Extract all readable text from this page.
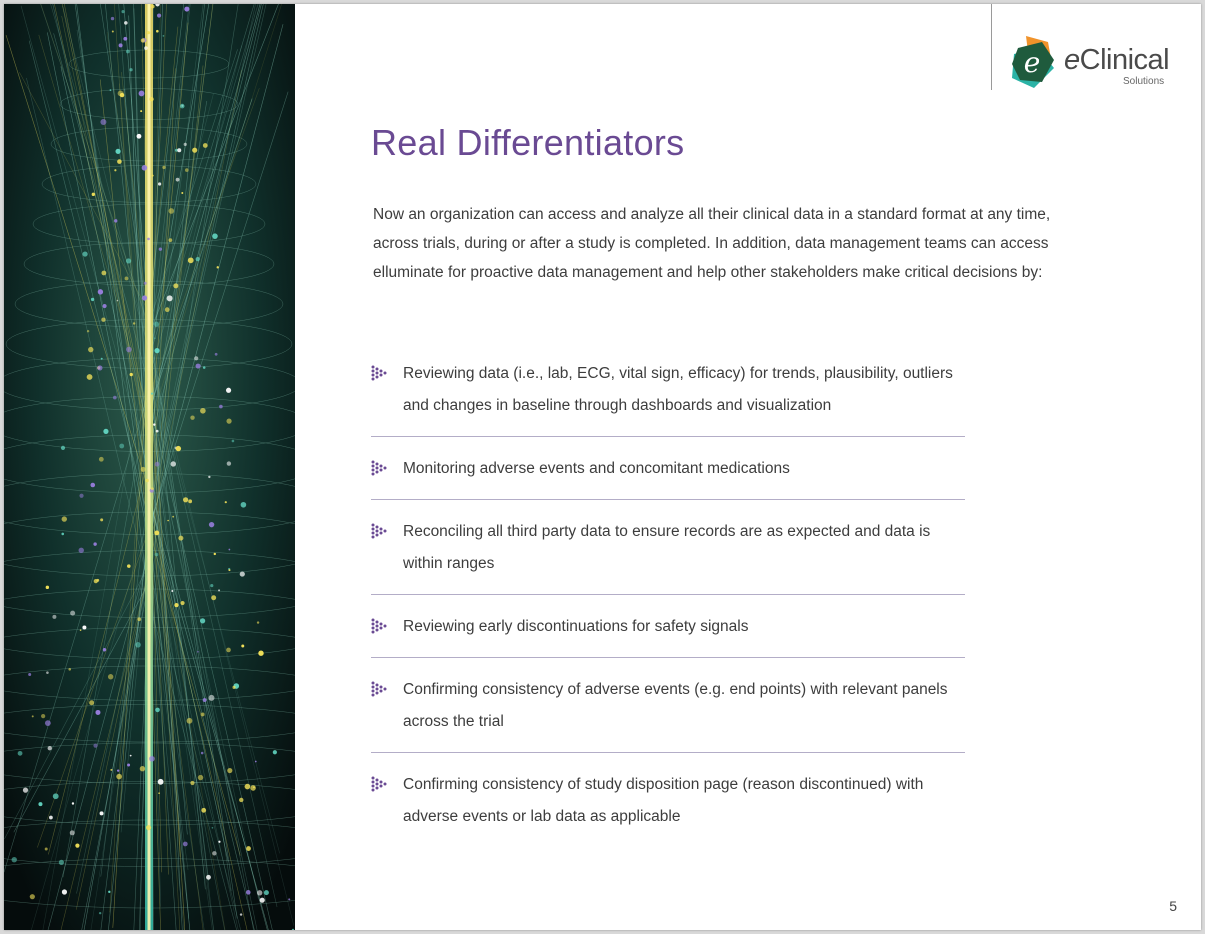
e eClinical
Solutions
Real Differentiators

Now an organization can access and analyze all their clinical data in a standard format at any time, across trials, during or after a study is completed. In addition, data management teams can access elluminate for proactive data management and help other stakeholders make critical decisions by:

Reviewing data (i.e., lab, ECG, vital sign, efficacy) for trends, plausibility, outliers and changes in baseline through dashboards and visualization
Monitoring adverse events and concomitant medications
Reconciling all third party data to ensure records are as expected and data is within ranges
Reviewing early discontinuations for safety signals
Confirming consistency of adverse events (e.g. end points) with relevant panels across the trial
Confirming consistency of study disposition page (reason discontinued) with adverse events or lab data as applicable
5
